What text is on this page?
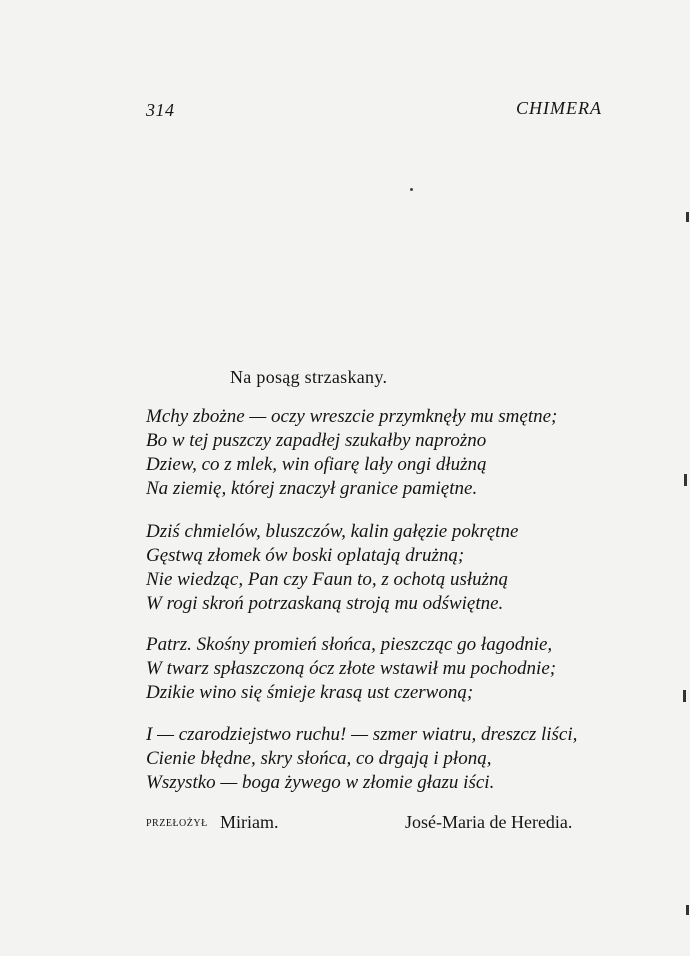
314	CHIMERA
Na posąg strzaskany.
Mchy zbożne — oczy wreszcie przymknęły mu smętne;
Bo w tej puszczy zapadłej szukałby naprożno
Dziew, co z mlek, win ofiarę lały ongi dłużną
Na ziemię, której znaczył granice pamiętne.
Dziś chmielów, bluszczów, kalin gałęzie pokrętne
Gęstwą złomek ów boski oplatają drużną;
Nie wiedząc, Pan czy Faun to, z ochotą usłużną
W rogi skroń potrzaskaną stroją mu odświętne.
Patrz. Skośny promień słońca, pieszcząc go łagodnie,
W twarz spłaszczoną ócz złote wstawił mu pochodnie;
Dzikie wino się śmieje krasą ust czerwoną;
I — czarodziejstwo ruchu! — szmer wiatru, dreszcz liści,
Cienie błędne, skry słońca, co drgają i płoną,
Wszystko — boga żywego w złomie głazu iści.
PRZEŁOŻYŁ Miriam.	José-Maria de Heredia.
